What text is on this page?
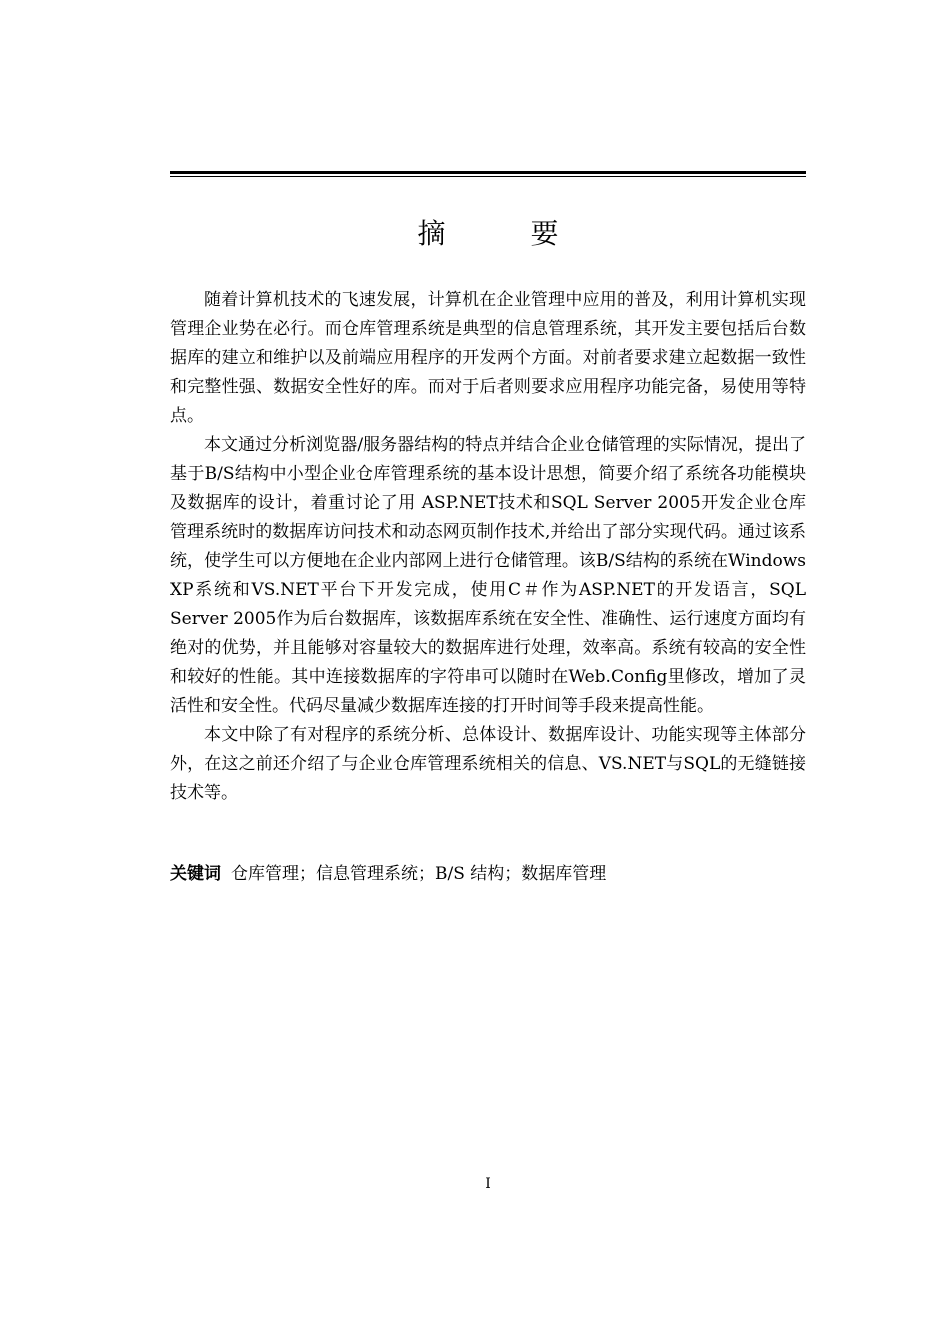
摘 要

随着计算机技术的飞速发展，计算机在企业管理中应用的普及，利用计算机实现管理企业势在必行。而仓库管理系统是典型的信息管理系统，其开发主要包括后台数据库的建立和维护以及前端应用程序的开发两个方面。对前者要求建立起数据一致性和完整性强、数据安全性好的库。而对于后者则要求应用程序功能完备，易使用等特点。

本文通过分析浏览器/服务器结构的特点并结合企业仓储管理的实际情况，提出了基于B/S结构中小型企业仓库管理系统的基本设计思想，简要介绍了系统各功能模块及数据库的设计，着重讨论了用 ASP.NET技术和SQL Server 2005开发企业仓库管理系统时的数据库访问技术和动态网页制作技术,并给出了部分实现代码。通过该系统，使学生可以方便地在企业内部网上进行仓储管理。该B/S结构的系统在Windows XP系统和VS.NET平台下开发完成，使用C＃作为ASP.NET的开发语言，SQL Server 2005作为后台数据库，该数据库系统在安全性、准确性、运行速度方面均有绝对的优势，并且能够对容量较大的数据库进行处理，效率高。系统有较高的安全性和较好的性能。其中连接数据库的字符串可以随时在Web.Config里修改，增加了灵活性和安全性。代码尽量减少数据库连接的打开时间等手段来提高性能。

本文中除了有对程序的系统分析、总体设计、数据库设计、功能实现等主体部分外，在这之前还介绍了与企业仓库管理系统相关的信息、VS.NET与SQL的无缝链接技术等。

关键词 仓库管理；信息管理系统；B/S 结构；数据库管理
I
